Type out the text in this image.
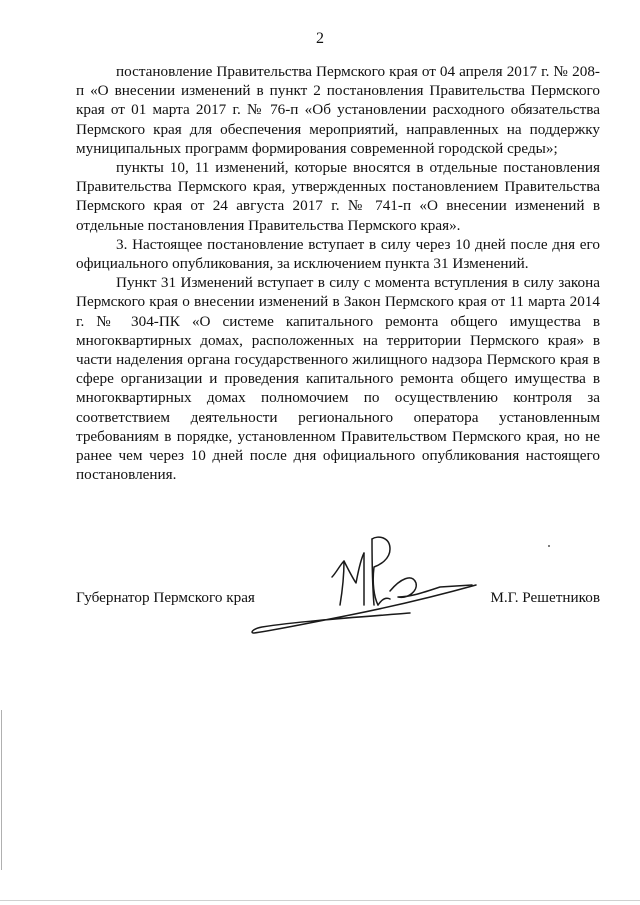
2

постановление Правительства Пермского края от 04 апреля 2017 г. № 208-п «О внесении изменений в пункт 2 постановления Правительства Пермского края от 01 марта 2017 г. № 76-п «Об установлении расходного обязательства Пермского края для обеспечения мероприятий, направленных на поддержку муниципальных программ формирования современной городской среды»;

пункты 10, 11 изменений, которые вносятся в отдельные постановления Правительства Пермского края, утвержденных постановлением Правительства Пермского края от 24 августа 2017 г. № 741-п «О внесении изменений в отдельные постановления Правительства Пермского края».

3. Настоящее постановление вступает в силу через 10 дней после дня его официального опубликования, за исключением пункта 31 Изменений.

Пункт 31 Изменений вступает в силу с момента вступления в силу закона Пермского края о внесении изменений в Закон Пермского края от 11 марта 2014 г. № 304-ПК «О системе капитального ремонта общего имущества в многоквартирных домах, расположенных на территории Пермского края» в части наделения органа государственного жилищного надзора Пермского края в сфере организации и проведения капитального ремонта общего имущества в многоквартирных домах полномочием по осуществлению контроля за соответствием деятельности регионального оператора установленным требованиям в порядке, установленном Правительством Пермского края, но не ранее чем через 10 дней после дня официального опубликования настоящего постановления.

Губернатор Пермского края	М.Г. Решетников
